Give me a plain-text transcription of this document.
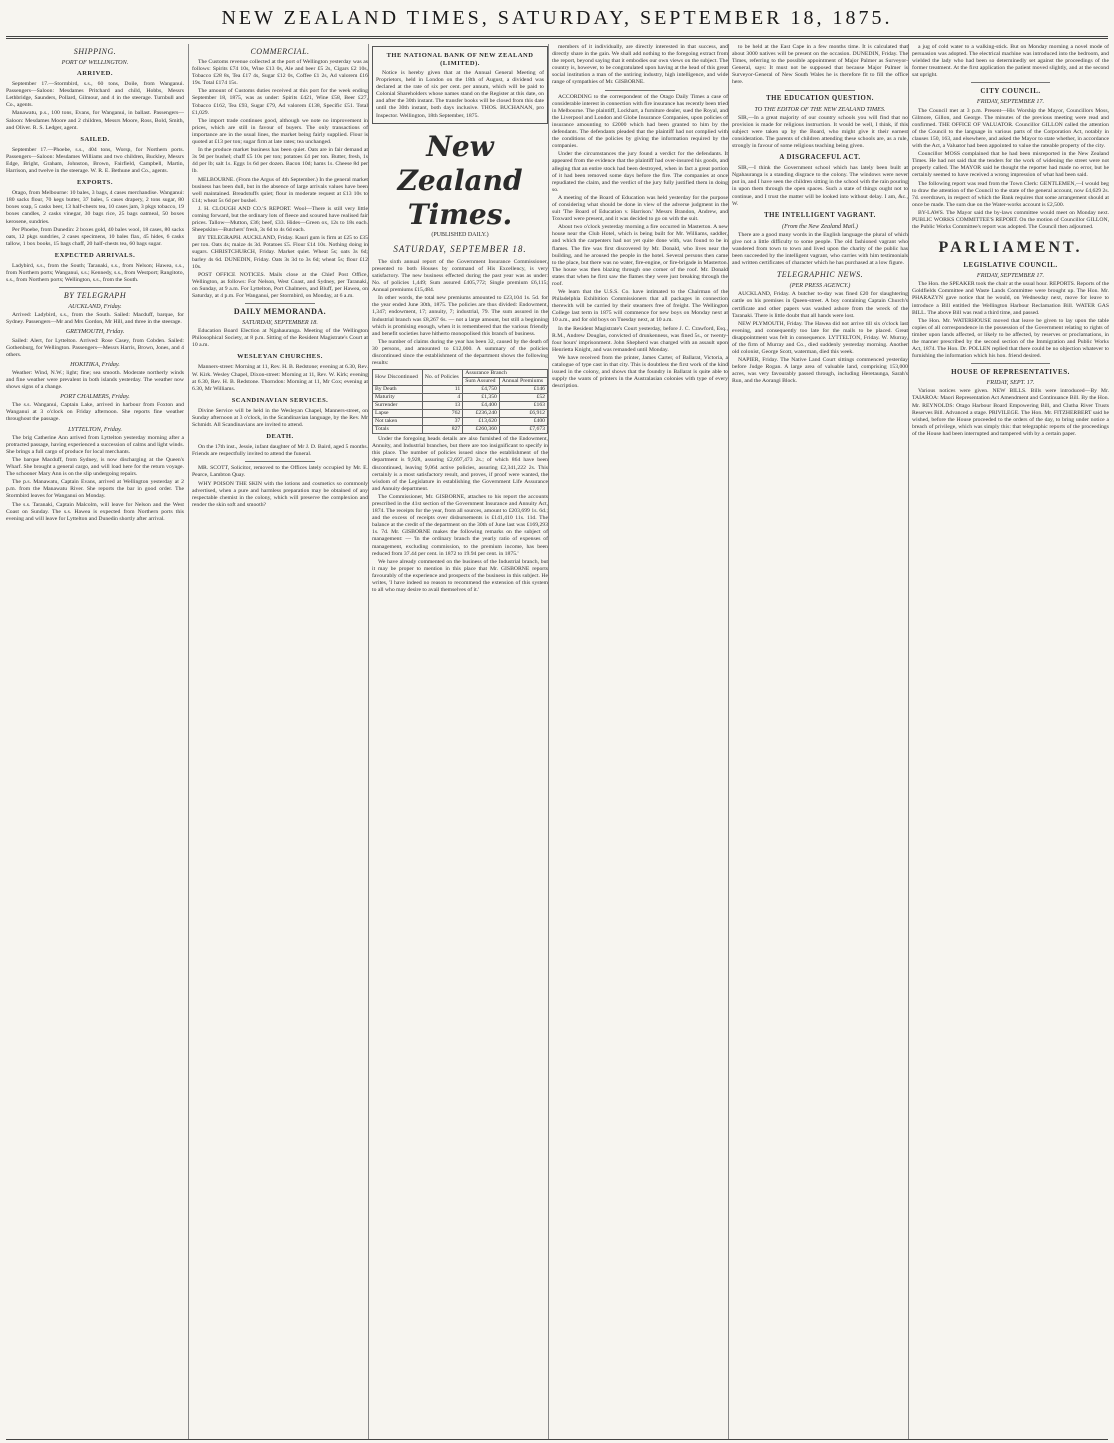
NEW ZEALAND TIMES, SATURDAY, SEPTEMBER 18, 1875.
SHIPPING.
PORT OF WELLINGTON.
ARRIVED.

September 17.—Stormbird, s.s., 60 tons, Doile, from Wanganui. Passengers—Saloon: Mesdames Pritchard and child, Hobbs, Messrs Lethbridge, Saunders, Pollard, Gilmour, and 4 in the steerage. Turnbull and Co., agents.

Manawatu, p.s., 100 tons, Evans, for Wanganui, in ballast. Passengers—Saloon: Mesdames Moore and 2 children, Messrs Moore, Ross, Bold, Smith, and Oliver. R. S. Ledger, agent.

SAILED.

September 17.—Phoebe, s.s., 404 tons, Worsp, for Northern ports. Passengers—Saloon: Mesdames Williams and two children, Buckley, Messrs Edge, Bright, Graham, Johnston, Brown, Fairfield, Campbell, Martin, Harrison, and twelve in the steerage. W. R. E. Bethune and Co., agents.

EXPORTS.

Otago, from Melbourne: 10 bales, 3 bags, 4 cases merchandise. Wanganui: 180 sacks flour, 70 kegs butter, 37 bales, 5 cases drapery, 2 tons sugar, 80 boxes soap, 5 casks beer, 13 half-chests tea, 10 cases jam, 3 pkgs tobacco, 19 boxes candles, 2 casks vinegar, 30 bags rice, 25 bags oatmeal, 50 boxes kerosene, sundries.

Per Phoebe, from Dunedin: 2 boxes gold, 40 bales wool, 18 cases, 80 sacks oats, 12 pkgs sundries, 2 cases specimens, 10 bales flax, 45 hides, 6 casks tallow, 1 box books, 15 bags chaff, 20 half-chests tea, 60 bags sugar.

EXPECTED ARRIVALS.

Ladybird, s.s., from the South; Taranaki, s.s., from Nelson; Hawea, s.s., from Northern ports; Wanganui, s.s.; Kennedy, s.s., from Westport; Rangitoto, s.s., from Northern ports; Wellington, s.s., from the South.

BY TELEGRAPH
AUCKLAND, Friday.

Arrived: Ladybird, s.s., from the South. Sailed: Macduff, barque, for Sydney. Passengers—Mr and Mrs Gordon, Mr Hill, and three in the steerage.

GREYMOUTH, Friday.

Sailed: Alert, for Lyttelton. Arrived: Rose Casey, from Cobden. Sailed: Gothenburg, for Wellington. Passengers—Messrs Harris, Brown, Jones, and 4 others.

HOKITIKA, Friday.

Weather: Wind, N.W.; light; fine; sea smooth. Moderate northerly winds and fine weather were prevalent in both islands yesterday. The weather now shows signs of a change.

PORT CHALMERS, Friday.

The s.s. Wanganui, Captain Lake, arrived in harbour from Foxton and Wanganui at 3 o'clock on Friday afternoon. She reports fine weather throughout the passage.

LYTTELTON, Friday.

The brig Catherine Ann arrived from Lyttelton yesterday morning after a protracted passage, having experienced a succession of calms and light winds. She brings a full cargo of produce for local merchants.

The barque Macduff, from Sydney, is now discharging at the Queen's Wharf. She brought a general cargo, and will load here for the return voyage. The schooner Mary Ann is on the slip undergoing repairs.

The p.s. Manawatu, Captain Evans, arrived at Wellington yesterday at 2 p.m. from the Manawatu River. She reports the bar in good order. The Stormbird leaves for Wanganui on Monday.

The s.s. Taranaki, Captain Malcolm, will leave for Nelson and the West Coast on Sunday. The s.s. Hawea is expected from Northern ports this evening and will leave for Lyttelton and Dunedin shortly after arrival.

COMMERCIAL.

The Customs revenue collected at the port of Wellington yesterday was as follows: Spirits £74 10s, Wine £13 0s, Ale and beer £5 2s, Cigars £2 10s, Tobacco £28 8s, Tea £17 4s, Sugar £12 0s, Coffee £1 2s, Ad valorem £16 19s. Total £174 15s.

The amount of Customs duties received at this port for the week ending September 18, 1875, was as under: Spirits £421, Wine £58, Beer £27, Tobacco £162, Tea £93, Sugar £79, Ad valorem £138, Specific £51. Total £1,029.

The import trade continues good, although we note no improvement in prices, which are still in favour of buyers. The only transactions of importance are in the usual lines, the market being fairly supplied. Flour is quoted at £13 per ton; sugar firm at late rates; tea unchanged.

In the produce market business has been quiet. Oats are in fair demand at 3s 9d per bushel; chaff £5 10s per ton; potatoes £4 per ton. Butter, fresh, 1s 4d per lb; salt 1s. Eggs 1s 6d per dozen. Bacon 10d; hams 1s. Cheese 8d per lb.

MELBOURNE. (From the Argus of 4th September.) In the general market business has been dull, but in the absence of large arrivals values have been well maintained. Breadstuffs quiet; flour in moderate request at £13 10s to £14; wheat 5s 6d per bushel.

J. H. CLOUGH AND CO.'S REPORT. Wool—There is still very little coming forward, but the ordinary lots of fleece and scoured have realised fair prices. Tallow—Mutton, £36; beef, £33. Hides—Green ox, 12s to 18s each. Sheepskins—Butchers' fresh, 3s 6d to 4s 6d each.

BY TELEGRAPH. AUCKLAND, Friday. Kauri gum is firm at £25 to £35 per ton. Oats 4s; maize 4s 3d. Potatoes £5. Flour £14 10s. Nothing doing in sugars. CHRISTCHURCH, Friday. Market quiet. Wheat 5s; oats 3s 6d; barley 4s 6d. DUNEDIN, Friday. Oats 3s 3d to 3s 6d; wheat 5s; flour £12 10s.

POST OFFICE NOTICES. Mails close at the Chief Post Office, Wellington, as follows: For Nelson, West Coast, and Sydney, per Taranaki, on Sunday, at 9 a.m. For Lyttelton, Port Chalmers, and Bluff, per Hawea, on Saturday, at 4 p.m. For Wanganui, per Stormbird, on Monday, at 6 a.m.

DAILY MEMORANDA.
SATURDAY, SEPTEMBER 18.

Education Board Election at Ngahauranga. Meeting of the Wellington Philosophical Society, at 8 p.m. Sitting of the Resident Magistrate's Court at 10 a.m.

WESLEYAN CHURCHES.

Manners-street: Morning at 11, Rev. H. B. Redstone; evening at 6.30, Rev. W. Kirk. Wesley Chapel, Dixon-street: Morning at 11, Rev. W. Kirk; evening at 6.30, Rev. H. B. Redstone. Thorndon: Morning at 11, Mr Cox; evening at 6.30, Mr Williams.

SCANDINAVIAN SERVICES.

Divine Service will be held in the Wesleyan Chapel, Manners-street, on Sunday afternoon at 3 o'clock, in the Scandinavian language, by the Rev. Mr Schmidt. All Scandinavians are invited to attend.

DEATH.

On the 17th inst., Jessie, infant daughter of Mr J. D. Baird, aged 5 months. Friends are respectfully invited to attend the funeral.

MR. SCOTT, Solicitor, removed to the Offices lately occupied by Mr. E. Pearce, Lambton Quay.

WHY POISON THE SKIN with the lotions and cosmetics so commonly advertised, when a pure and harmless preparation may be obtained of any respectable chemist in the colony, which will preserve the complexion and render the skin soft and smooth?

THE NATIONAL BANK OF NEW ZEALAND (LIMITED).

Notice is hereby given that at the Annual General Meeting of Proprietors, held in London on the 18th of August, a dividend was declared at the rate of six per cent. per annum, which will be paid to Colonial Shareholders whose names stand on the Register at this date, on and after the 30th instant. The transfer books will be closed from this date until the 30th instant, both days inclusive. THOS. BUCHANAN, pro Inspector. Wellington, 18th September, 1875.

New Zealand Times.
(PUBLISHED DAILY.)
SATURDAY, SEPTEMBER 18.

The sixth annual report of the Government Insurance Commissioner, presented to both Houses by command of His Excellency, is very satisfactory. The new business effected during the past year was as under: No. of policies 1,449; Sum assured £405,772; Single premium £6,115; Annual premiums £15,484.

In other words, the total new premiums amounted to £23,104 1s. 5d. for the year ended June 30th, 1875. The policies are thus divided: Endowment, 1,347; endowment, 17; annuity, 7; industrial, 79. The sum assured in the Industrial branch was £8,267 6s. — not a large amount, but still a beginning which is promising enough, when it is remembered that the various friendly and benefit societies have hitherto monopolised this branch of business.

The number of claims during the year has been 32, caused by the death of 30 persons, and amounted to £12,000. A summary of the policies discontinued since the establishment of the department shows the following results:

How Discontinued	No. of Policies	Assurance Branch	
		Sum Assured	Annual Premiums
By Death	11	£4,750	£146
Maturity	4	£1,350	£52
Surrender	13	£4,400	£163
Lapse	762	£236,240	£6,912
Not taken	37	£13,620	£400
Totals	827	£260,360	£7,673

Under the foregoing heads details are also furnished of the Endowment, Annuity, and Industrial branches, but there are too insignificant to specify in this place. The number of policies issued since the establishment of the department is 9,928, assuring £2,697,473 2s.; of which 864 have been discontinued, leaving 9,064 active policies, assuring £2,341,222 2s. This certainly is a most satisfactory result, and proves, if proof were wanted, the wisdom of the Legislature in establishing the Government Life Assurance and Annuity department.

The Commissioner, Mr. GISBORNE, attaches to his report the accounts prescribed in the 41st section of the Government Insurance and Annuity Act, 1874. The receipts for the year, from all sources, amount to £203,699 1s. 6d.; and the excess of receipts over disbursements is £141,410 11s. 11d. The balance at the credit of the department on the 30th of June last was £169,293 1s. 7d. Mr. GISBORNE makes the following remarks on the subject of management: — 'In the ordinary branch the yearly ratio of expenses of management, excluding commission, to the premium income, has been reduced from 37.44 per cent. in 1872 to 19.94 per cent. in 1875.'

We have already commented on the business of the Industrial branch, but it may be proper to mention in this place that Mr. GISBORNE reports favourably of the experience and prospects of the business in this subject. He writes, 'I have indeed no reason to recommend the extension of this system to all who may desire to avail themselves of it.'

members of it individually, are directly interested in that success, and directly share in the gain. We shall add nothing to the foregoing extract from the report, beyond saying that it embodies our own views on the subject. The country is, however, to be congratulated upon having at the head of this great social institution a man of the untiring industry, high intelligence, and wide range of sympathies of Mr. GISBORNE.

ACCORDING to the correspondent of the Otago Daily Times a case of considerable interest in connection with fire insurance has recently been tried in Melbourne. The plaintiff, Lockhart, a furniture dealer, sued the Royal, and the Liverpool and London and Globe Insurance Companies, upon policies of insurance amounting to £2000 which had been granted to him by the defendants. The defendants pleaded that the plaintiff had not complied with the conditions of the policies by giving the information required by the companies.

Under the circumstances the jury found a verdict for the defendants. It appeared from the evidence that the plaintiff had over-insured his goods, and alleging that an entire stock had been destroyed, when in fact a great portion of it had been removed some days before the fire. The companies at once repudiated the claim, and the verdict of the jury fully justified them in doing so.

A meeting of the Board of Education was held yesterday for the purpose of considering what should be done in view of the adverse judgment in the suit 'The Board of Education v. Harrison.' Messrs Brandon, Andrew, and Toxward were present, and it was decided to go on with the suit.

About two o'clock yesterday morning a fire occurred in Masterton. A new house near the Club Hotel, which is being built for Mr. Williams, saddler, and which the carpenters had not yet quite done with, was found to be in flames. The fire was first discovered by Mr. Donald, who lives near the building, and he aroused the people in the hotel. Several persons then came to the place, but there was no water, fire-engine, or fire-brigade in Masterton. The house was then blazing through one corner of the roof. Mr. Donald states that when he first saw the flames they were just breaking through the roof.

We learn that the U.S.S. Co. have intimated to the Chairman of the Philadelphia Exhibition Commissioners that all packages in connection therewith will be carried by their steamers free of freight. The Wellington College last term in 1875 will commence for new boys on Monday next at 10 a.m., and for old boys on Tuesday next, at 10 a.m.

In the Resident Magistrate's Court yesterday, before J. C. Crawford, Esq., R.M., Andrew Douglas, convicted of drunkenness, was fined 5s., or twenty-four hours' imprisonment. John Shepherd was charged with an assault upon Henrietta Knight, and was remanded until Monday.

We have received from the printer, James Carter, of Ballarat, Victoria, a catalogue of type cast in that city. This is doubtless the first work of the kind issued in the colony, and shows that the foundry in Ballarat is quite able to supply the wants of printers in the Australasian colonies with type of every description.

to be held at the East Cape in a few months time. It is calculated that about 3000 natives will be present on the occasion. DUNEDIN, Friday. The Times, referring to the possible appointment of Major Palmer as Surveyor-General, says: It must not be supposed that because Major Palmer is Surveyor-General of New South Wales he is therefore fit to fill the office here.

THE EDUCATION QUESTION.
TO THE EDITOR OF THE NEW ZEALAND TIMES.

SIR,—In a great majority of our country schools you will find that no provision is made for religious instruction. It would be well, I think, if this subject were taken up by the Board, who might give it their earnest consideration. The parents of children attending these schools are, as a rule, strongly in favour of some religious teaching being given.

A DISGRACEFUL ACT.

SIR,—I think the Government school which has lately been built at Ngahauranga is a standing disgrace to the colony. The windows were never put in, and I have seen the children sitting in the school with the rain pouring in upon them through the open spaces. Such a state of things ought not to continue, and I trust the matter will be looked into without delay. I am, &c., W.

THE INTELLIGENT VAGRANT.
(From the New Zealand Mail.)

There are a good many words in the English language the plural of which give not a little difficulty to some people. The old fashioned vagrant who wandered from town to town and lived upon the charity of the public has been succeeded by the intelligent vagrant, who carries with him testimonials and written certificates of character which he has purchased at a low figure.

TELEGRAPHIC NEWS.
(PER PRESS AGENCY.)

AUCKLAND, Friday. A butcher to-day was fined £20 for slaughtering cattle on his premises in Queen-street. A boy containing Captain Church's certificate and other papers was washed ashore from the wreck of the Taranaki. There is little doubt that all hands were lost.

NEW PLYMOUTH, Friday. The Hawea did not arrive till six o'clock last evening, and consequently too late for the mails to be placed. Great disappointment was felt in consequence. LYTTELTON, Friday. W. Murray, of the firm of Murray and Co., died suddenly yesterday morning. Another old colonist, George Scott, waterman, died this week.

NAPIER, Friday. The Native Land Court sittings commenced yesterday before Judge Rogan. A large area of valuable land, comprising 153,000 acres, was very favourably passed through, including Heretaunga, Sarah's Run, and the Aorangi Block.

a jug of cold water to a walking-stick. But on Monday morning a novel mode of persuasion was adopted. The electrical machine was introduced into the bedroom, and wielded the lady who had been so determinedly set against the proceedings of the former treatment. At the first application the patient moved slightly, and at the second sat upright.

CITY COUNCIL.
FRIDAY, SEPTEMBER 17.

The Council met at 3 p.m. Present—His Worship the Mayor, Councillors Moss, Gilmore, Gillon, and George. The minutes of the previous meeting were read and confirmed. THE OFFICE OF VALUATOR. Councillor GILLON called the attention of the Council to the language in various parts of the Corporation Act, notably in clauses 150, 163, and elsewhere, and asked the Mayor to state whether, in accordance with the Act, a Valuator had been appointed to value the rateable property of the city.

Councillor MOSS complained that he had been misreported in the New Zealand Times. He had not said that the tenders for the work of widening the street were not properly called. The MAYOR said he thought the reporter had made no error, but he certainly seemed to have received a wrong impression of what had been said.

The following report was read from the Town Clerk: GENTLEMEN,—I would beg to draw the attention of the Council to the state of the general account, now £4,629 2s. 7d. overdrawn, in respect of which the Bank requires that some arrangement should at once be made. The sum due on the Water-works account is £2,500.

BY-LAWS. The Mayor said the by-laws committee would meet on Monday next. PUBLIC WORKS COMMITTEE'S REPORT. On the motion of Councillor GILLON, the Public Works Committee's report was adopted. The Council then adjourned.

PARLIAMENT.
LEGISLATIVE COUNCIL.
FRIDAY, SEPTEMBER 17.

The Hon. the SPEAKER took the chair at the usual hour. REPORTS. Reports of the Goldfields Committee and Waste Lands Committee were brought up. The Hon. Mr. PHARAZYN gave notice that he would, on Wednesday next, move for leave to introduce a Bill entitled the Wellington Harbour Reclamation Bill. WATER GAS BILL. The above Bill was read a third time, and passed.

The Hon. Mr. WATERHOUSE moved that leave be given to lay upon the table copies of all correspondence in the possession of the Government relating to rights of timber upon lands affected, or likely to be affected, by reserves or proclamations, in the manner prescribed by the second section of the Immigration and Public Works Act, 1874. The Hon. Dr. POLLEN replied that there could be no objection whatever to furnishing the information which his hon. friend desired.

HOUSE OF REPRESENTATIVES.
FRIDAY, SEPT. 17.

Various notices were given. NEW BILLS. Bills were introduced—By Mr. TAIAROA: Maori Representation Act Amendment and Continuance Bill. By the Hon. Mr. REYNOLDS: Otago Harbour Board Empowering Bill, and Clutha River Trusts Reserves Bill. Advanced a stage. PRIVILEGE. The Hon. Mr. FITZHERBERT said he wished, before the House proceeded to the orders of the day, to bring under notice a breach of privilege, which was simply this: that telegraphic reports of the proceedings of the House had been interrupted and tampered with by a certain paper.
